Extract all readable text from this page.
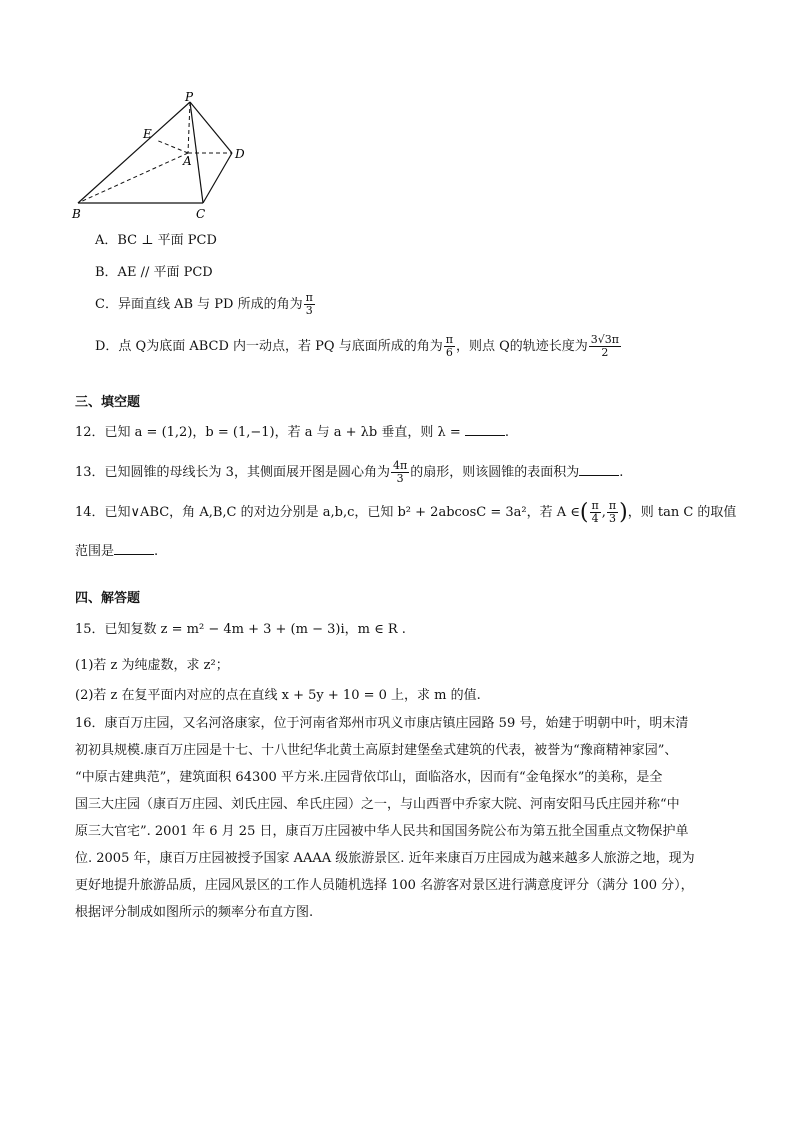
P
E
A	D
B	C
A．BC ⊥ 平面 PCD
B．AE // 平面 PCD
C．异面直线 AB 与 PD 所成的角为 $\frac{\pi}{3}$
D．点 Q为底面 ABCD 内一动点，若 PQ 与底面所成的角为 $\frac{\pi}{6}$ ，则点 Q的轨迹长度为 $\frac{3√3\pi}{2}$
三、填空题
12．已知 a = (1,2)，b = (1,−1)，若 a 与 a + λb 垂直，则 λ =	.
13．已知圆锥的母线长为 3，其侧面展开图是圆心角为 $\frac{4\pi}{3}$ 的扇形，则该圆锥的表面积为	.
14．已知∨ABC，角 A,B,C 的对边分别是 a,b,c，已知 b² + 2abcosC = 3a²，若 A ∈( $\frac{\pi}{4}$ , $\frac{\pi}{3}$ )，则 tan C 的取值
范围是	.
四、解答题
15．已知复数 z = m² − 4m + 3 + (m − 3)i，m ∈ R .
(1)若 z 为纯虚数，求 z²；
(2)若 z 在复平面内对应的点在直线 x + 5y + 10 = 0 上，求 m 的值.
16．康百万庄园，又名河洛康家，位于河南省郑州市巩义市康店镇庄园路 59 号，始建于明朝中叶，明末清
初初具规模.康百万庄园是十七、十八世纪华北黄土高原封建堡垒式建筑的代表，被誉为“豫商精神家园”、
“中原古建典范”，建筑面积 64300 平方米.庄园背依邙山，面临洛水，因而有“金龟探水”的美称，是全
国三大庄园（康百万庄园、刘氏庄园、牟氏庄园）之一，与山西晋中乔家大院、河南安阳马氏庄园并称“中
原三大官宅”. 2001 年 6 月 25 日，康百万庄园被中华人民共和国国务院公布为第五批全国重点文物保护单
位. 2005 年，康百万庄园被授予国家 AAAA 级旅游景区. 近年来康百万庄园成为越来越多人旅游之地，现为
更好地提升旅游品质，庄园风景区的工作人员随机选择 100 名游客对景区进行满意度评分（满分 100 分），
根据评分制成如图所示的频率分布直方图.
